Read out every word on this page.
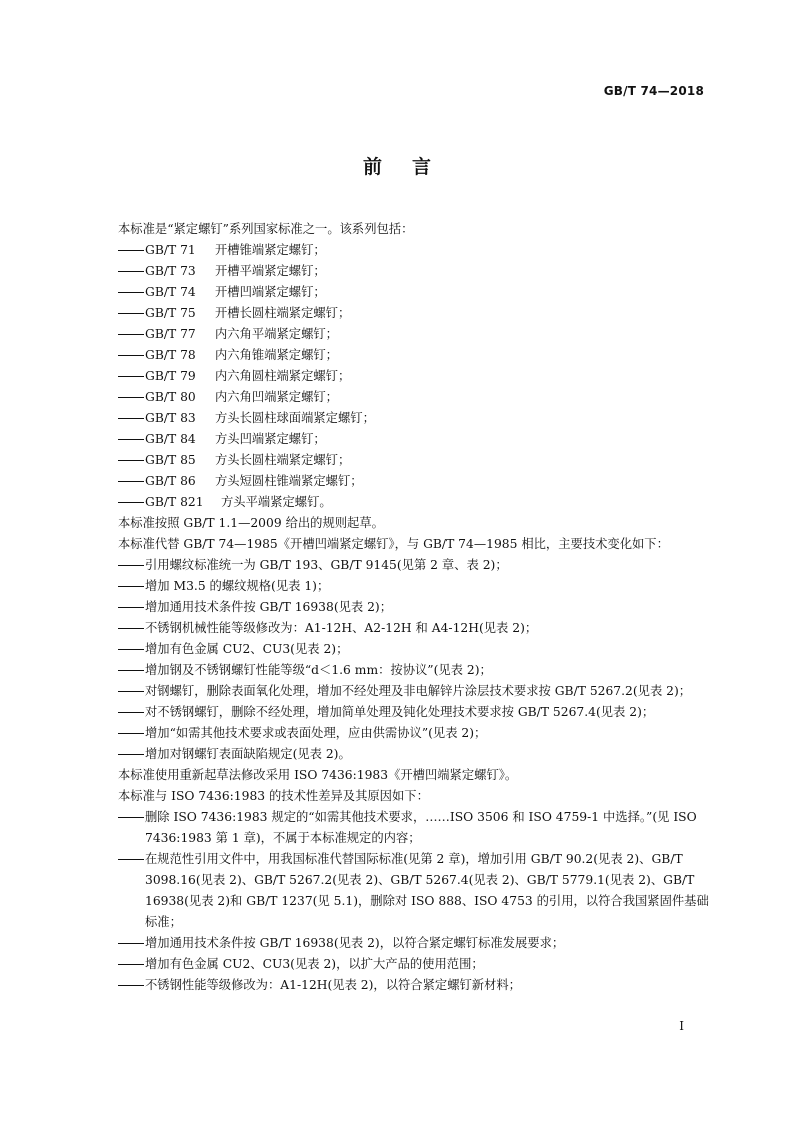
GB/T 74—2018
前言

本标准是“紧定螺钉”系列国家标准之一。该系列包括：

GB/T 71 开槽锥端紧定螺钉；

GB/T 73 开槽平端紧定螺钉；

GB/T 74 开槽凹端紧定螺钉；

GB/T 75 开槽长圆柱端紧定螺钉；

GB/T 77 内六角平端紧定螺钉；

GB/T 78 内六角锥端紧定螺钉；

GB/T 79 内六角圆柱端紧定螺钉；

GB/T 80 内六角凹端紧定螺钉；

GB/T 83 方头长圆柱球面端紧定螺钉；

GB/T 84 方头凹端紧定螺钉；

GB/T 85 方头长圆柱端紧定螺钉；

GB/T 86 方头短圆柱锥端紧定螺钉；

GB/T 821 方头平端紧定螺钉。

本标准按照 GB/T 1.1—2009 给出的规则起草。

本标准代替 GB/T 74—1985《开槽凹端紧定螺钉》，与 GB/T 74—1985 相比，主要技术变化如下：

引用螺纹标准统一为 GB/T 193、GB/T 9145(见第 2 章、表 2)；

增加 M3.5 的螺纹规格(见表 1)；

增加通用技术条件按 GB/T 16938(见表 2)；

不锈钢机械性能等级修改为：A1-12H、A2-12H 和 A4-12H(见表 2)；

增加有色金属 CU2、CU3(见表 2)；

增加钢及不锈钢螺钉性能等级“d＜1.6 mm：按协议”(见表 2)；

对钢螺钉，删除表面氧化处理，增加不经处理及非电解锌片涂层技术要求按 GB/T 5267.2(见表 2)；

对不锈钢螺钉，删除不经处理，增加简单处理及钝化处理技术要求按 GB/T 5267.4(见表 2)；

增加“如需其他技术要求或表面处理，应由供需协议”(见表 2)；

增加对钢螺钉表面缺陷规定(见表 2)。

本标准使用重新起草法修改采用 ISO 7436:1983《开槽凹端紧定螺钉》。

本标准与 ISO 7436:1983 的技术性差异及其原因如下：

删除 ISO 7436:1983 规定的“如需其他技术要求，……ISO 3506 和 ISO 4759-1 中选择。”(见 ISO 7436:1983 第 1 章)，不属于本标准规定的内容；

在规范性引用文件中，用我国标准代替国际标准(见第 2 章)，增加引用 GB/T 90.2(见表 2)、GB/T 3098.16(见表 2)、GB/T 5267.2(见表 2)、GB/T 5267.4(见表 2)、GB/T 5779.1(见表 2)、GB/T 16938(见表 2)和 GB/T 1237(见 5.1)，删除对 ISO 888、ISO 4753 的引用，以符合我国紧固件基础标准；

增加通用技术条件按 GB/T 16938(见表 2)，以符合紧定螺钉标准发展要求；

增加有色金属 CU2、CU3(见表 2)，以扩大产品的使用范围；

不锈钢性能等级修改为：A1-12H(见表 2)，以符合紧定螺钉新材料；

I
